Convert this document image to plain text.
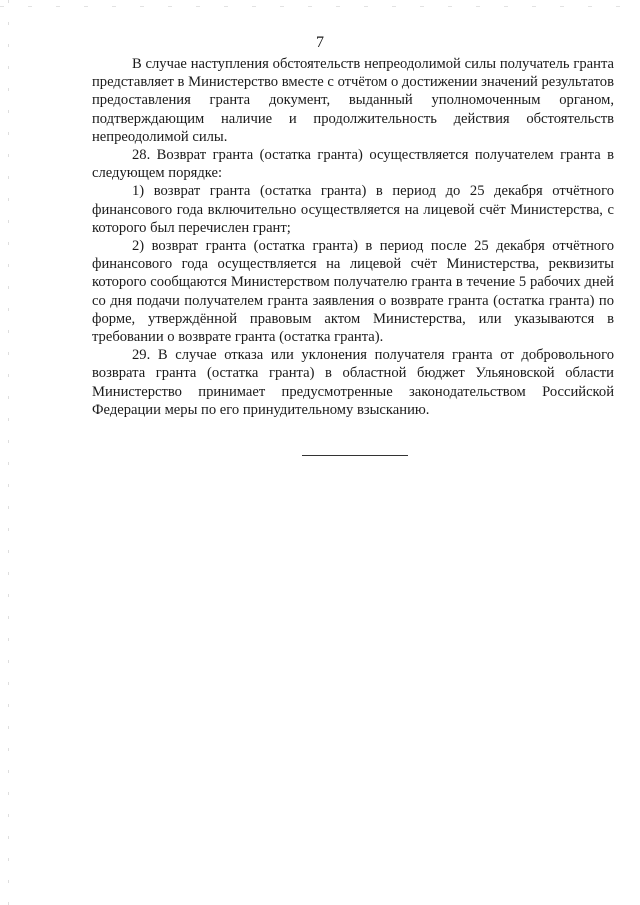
7

В случае наступления обстоятельств непреодолимой силы получатель гранта представляет в Министерство вместе с отчётом о достижении значений результатов предоставления гранта документ, выданный уполномоченным органом, подтверждающим наличие и продолжительность действия обстоятельств непреодолимой силы.

28. Возврат гранта (остатка гранта) осуществляется получателем гранта в следующем порядке:

1) возврат гранта (остатка гранта) в период до 25 декабря отчётного финансового года включительно осуществляется на лицевой счёт Министерства, с которого был перечислен грант;

2) возврат гранта (остатка гранта) в период после 25 декабря отчётного финансового года осуществляется на лицевой счёт Министерства, реквизиты которого сообщаются Министерством получателю гранта в течение 5 рабочих дней со дня подачи получателем гранта заявления о возврате гранта (остатка гранта) по форме, утверждённой правовым актом Министерства, или указываются в требовании о возврате гранта (остатка гранта).

29. В случае отказа или уклонения получателя гранта от добровольного возврата гранта (остатка гранта) в областной бюджет Ульяновской области Министерство принимает предусмотренные законодательством Российской Федерации меры по его принудительному взысканию.
